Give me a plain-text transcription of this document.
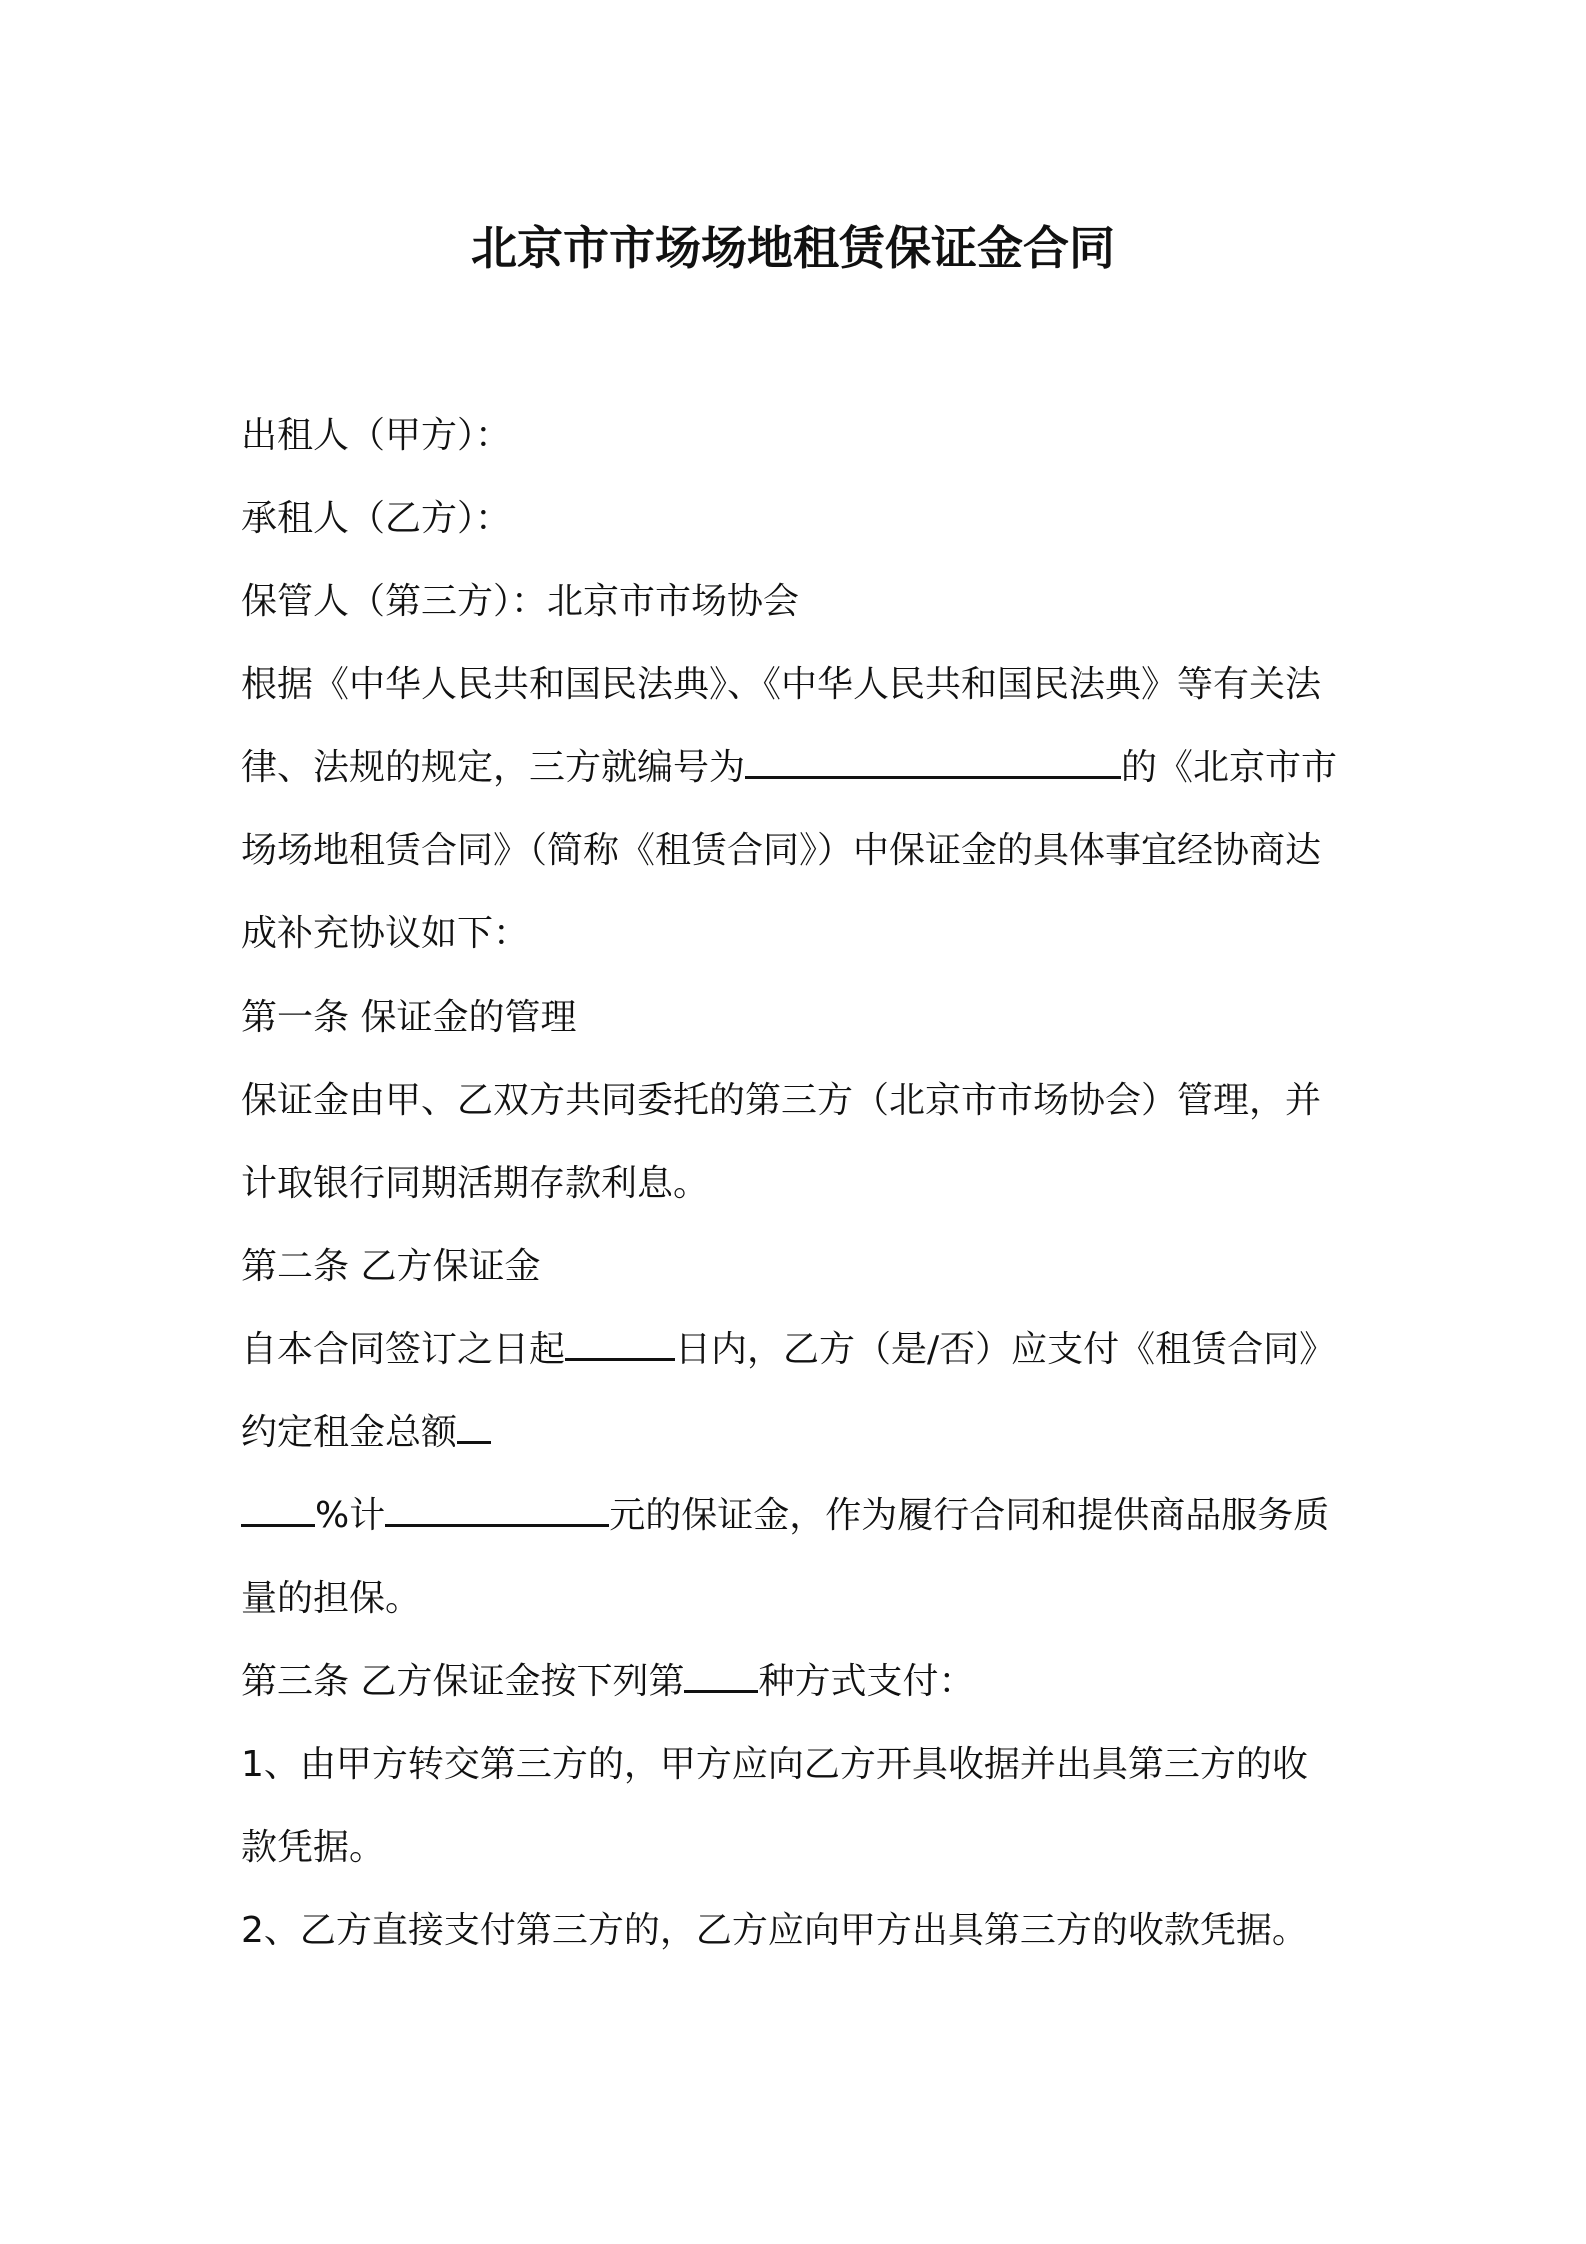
北京市市场场地租赁保证金合同

出租人（甲方）：

承租人（乙方）：

保管人（第三方）：北京市市场协会

根据《中华人民共和国民法典》、《中华人民共和国民法典》等有关法

律、法规的规定，三方就编号为	的《北京市市

场场地租赁合同》（简称《租赁合同》）中保证金的具体事宜经协商达

成补充协议如下：

第一条 保证金的管理

保证金由甲、乙双方共同委托的第三方（北京市市场协会）管理，并

计取银行同期活期存款利息。

第二条 乙方保证金

自本合同签订之日起	日内，乙方（是/否）应支付《租赁合同》

约定租金总额

%计	元的保证金，作为履行合同和提供商品服务质

量的担保。

第三条 乙方保证金按下列第 种方式支付：

1、由甲方转交第三方的，甲方应向乙方开具收据并出具第三方的收

款凭据。

2、乙方直接支付第三方的，乙方应向甲方出具第三方的收款凭据。
